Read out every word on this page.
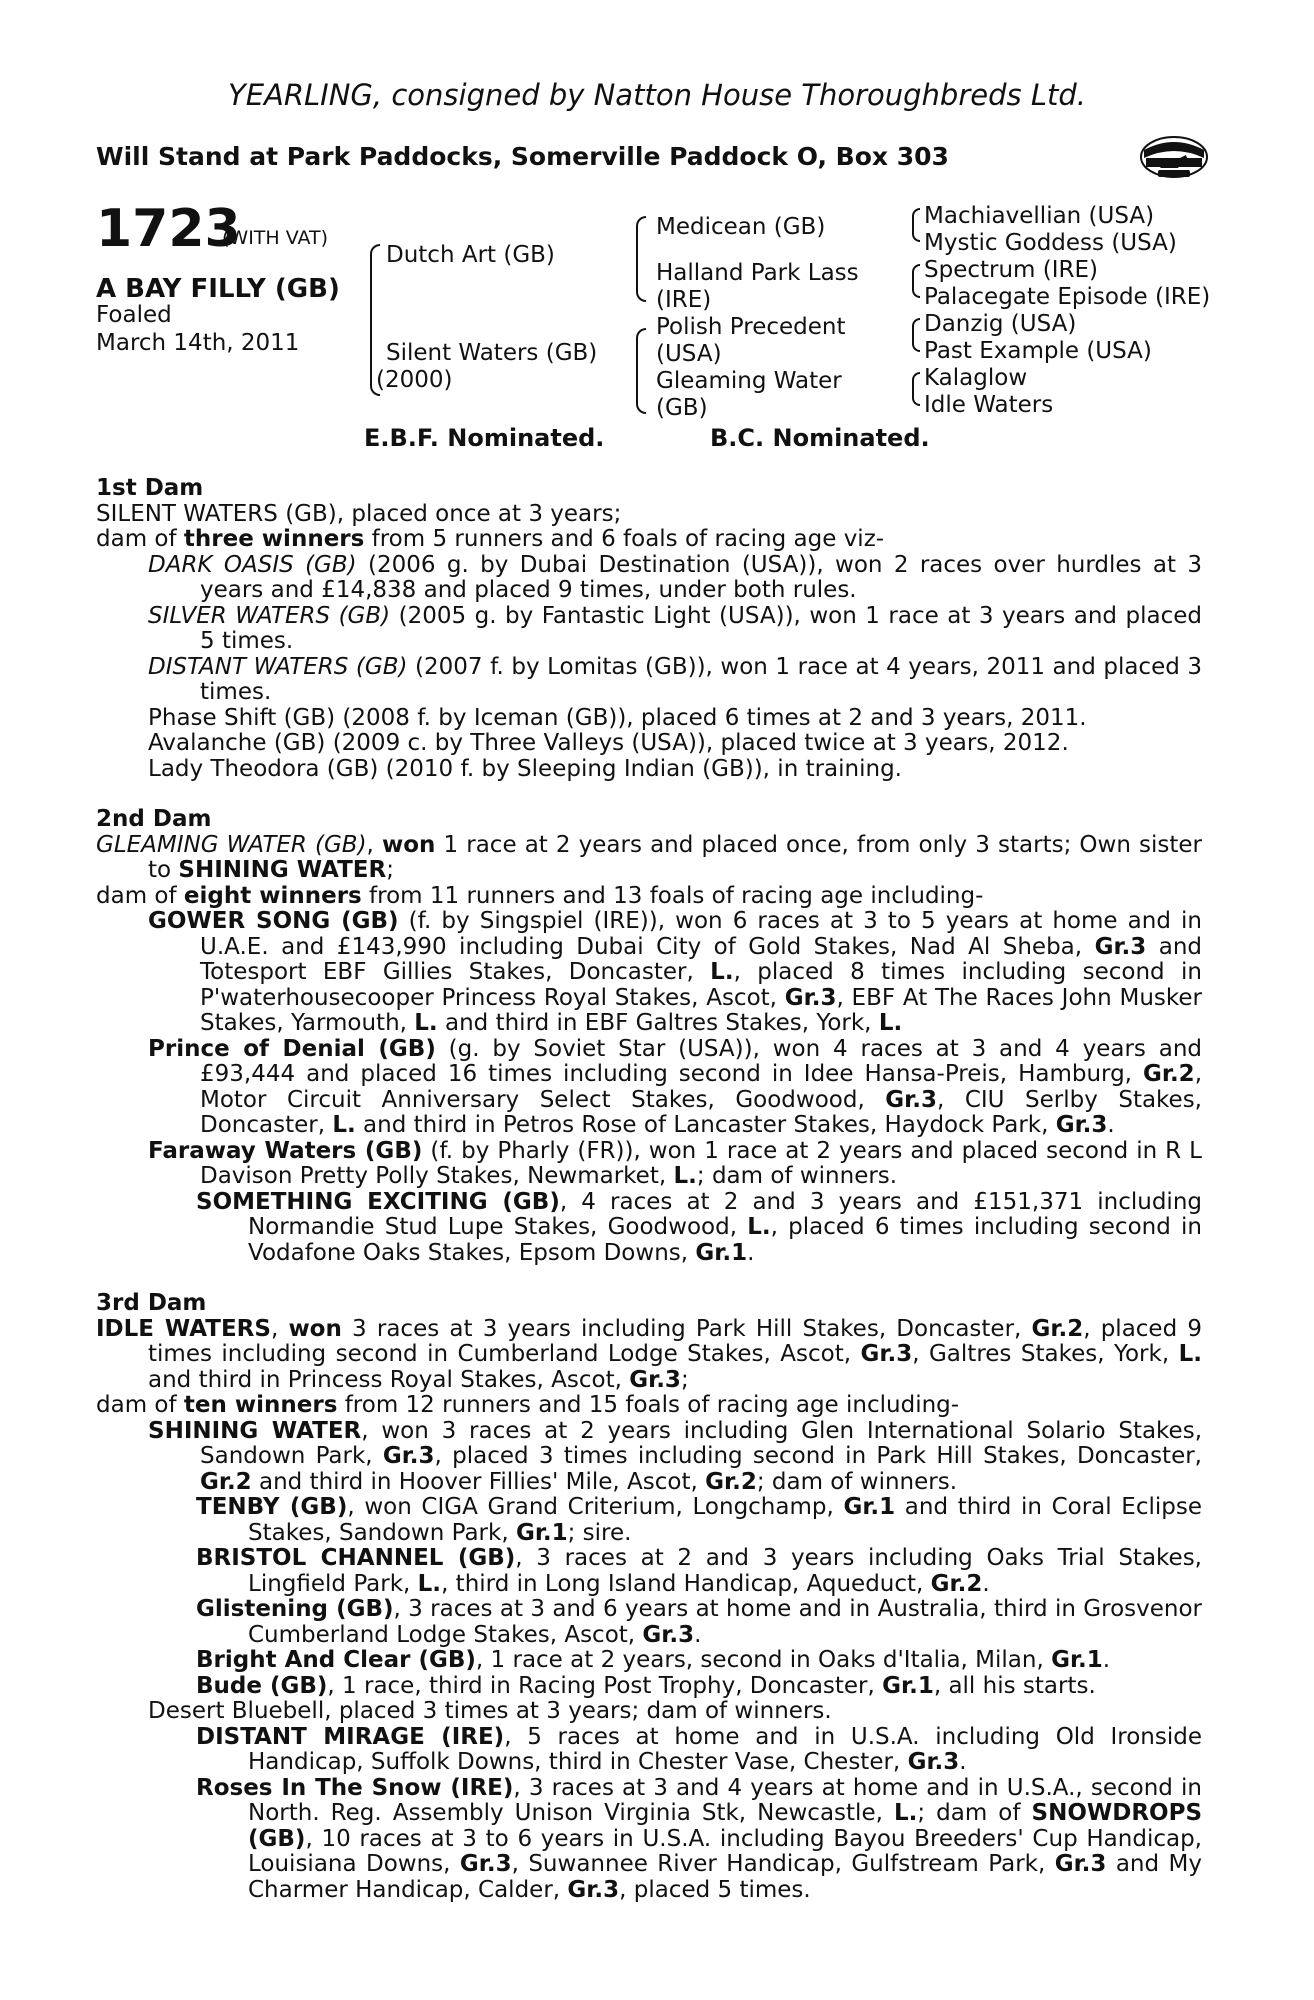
YEARLING, consigned by Natton House Thoroughbreds Ltd.
Will Stand at Park Paddocks, Somerville Paddock O, Box 303
1723
(WITH VAT)
A BAY FILLY (GB)
Foaled
March 14th, 2011
Dutch Art (GB)
Silent Waters (GB)
(2000)
Medicean (GB)
Halland Park Lass
(IRE)
Polish Precedent
(USA)
Gleaming Water
(GB)
Machiavellian (USA)
Mystic Goddess (USA)
Spectrum (IRE)
Palacegate Episode (IRE)
Danzig (USA)
Past Example (USA)
Kalaglow
Idle Waters
E.B.F. Nominated.	B.C. Nominated.

1st Dam

SILENT WATERS (GB), placed once at 3 years;

dam of three winners from 5 runners and 6 foals of racing age viz-

DARK OASIS (GB) (2006 g. by Dubai Destination (USA)), won 2 races over hurdles at 3 years and £14,838 and placed 9 times, under both rules.

SILVER WATERS (GB) (2005 g. by Fantastic Light (USA)), won 1 race at 3 years and placed 5 times.

DISTANT WATERS (GB) (2007 f. by Lomitas (GB)), won 1 race at 4 years, 2011 and placed 3 times.

Phase Shift (GB) (2008 f. by Iceman (GB)), placed 6 times at 2 and 3 years, 2011.

Avalanche (GB) (2009 c. by Three Valleys (USA)), placed twice at 3 years, 2012.

Lady Theodora (GB) (2010 f. by Sleeping Indian (GB)), in training.

2nd Dam

GLEAMING WATER (GB), won 1 race at 2 years and placed once, from only 3 starts; Own sister to SHINING WATER;

dam of eight winners from 11 runners and 13 foals of racing age including-

GOWER SONG (GB) (f. by Singspiel (IRE)), won 6 races at 3 to 5 years at home and in U.A.E. and £143,990 including Dubai City of Gold Stakes, Nad Al Sheba, Gr.3 and Totesport EBF Gillies Stakes, Doncaster, L., placed 8 times including second in P'waterhousecooper Princess Royal Stakes, Ascot, Gr.3, EBF At The Races John Musker Stakes, Yarmouth, L. and third in EBF Galtres Stakes, York, L.

Prince of Denial (GB) (g. by Soviet Star (USA)), won 4 races at 3 and 4 years and £93,444 and placed 16 times including second in Idee Hansa-Preis, Hamburg, Gr.2, Motor Circuit Anniversary Select Stakes, Goodwood, Gr.3, CIU Serlby Stakes, Doncaster, L. and third in Petros Rose of Lancaster Stakes, Haydock Park, Gr.3.

Faraway Waters (GB) (f. by Pharly (FR)), won 1 race at 2 years and placed second in R L Davison Pretty Polly Stakes, Newmarket, L.; dam of winners.

SOMETHING EXCITING (GB), 4 races at 2 and 3 years and £151,371 including Normandie Stud Lupe Stakes, Goodwood, L., placed 6 times including second in Vodafone Oaks Stakes, Epsom Downs, Gr.1.

3rd Dam

IDLE WATERS, won 3 races at 3 years including Park Hill Stakes, Doncaster, Gr.2, placed 9 times including second in Cumberland Lodge Stakes, Ascot, Gr.3, Galtres Stakes, York, L. and third in Princess Royal Stakes, Ascot, Gr.3;

dam of ten winners from 12 runners and 15 foals of racing age including-

SHINING WATER, won 3 races at 2 years including Glen International Solario Stakes, Sandown Park, Gr.3, placed 3 times including second in Park Hill Stakes, Doncaster, Gr.2 and third in Hoover Fillies' Mile, Ascot, Gr.2; dam of winners.

TENBY (GB), won CIGA Grand Criterium, Longchamp, Gr.1 and third in Coral Eclipse Stakes, Sandown Park, Gr.1; sire.

BRISTOL CHANNEL (GB), 3 races at 2 and 3 years including Oaks Trial Stakes, Lingfield Park, L., third in Long Island Handicap, Aqueduct, Gr.2.

Glistening (GB), 3 races at 3 and 6 years at home and in Australia, third in Grosvenor Cumberland Lodge Stakes, Ascot, Gr.3.

Bright And Clear (GB), 1 race at 2 years, second in Oaks d'Italia, Milan, Gr.1.

Bude (GB), 1 race, third in Racing Post Trophy, Doncaster, Gr.1, all his starts.

Desert Bluebell, placed 3 times at 3 years; dam of winners.

DISTANT MIRAGE (IRE), 5 races at home and in U.S.A. including Old Ironside Handicap, Suffolk Downs, third in Chester Vase, Chester, Gr.3.

Roses In The Snow (IRE), 3 races at 3 and 4 years at home and in U.S.A., second in North. Reg. Assembly Unison Virginia Stk, Newcastle, L.; dam of SNOWDROPS (GB), 10 races at 3 to 6 years in U.S.A. including Bayou Breeders' Cup Handicap, Louisiana Downs, Gr.3, Suwannee River Handicap, Gulfstream Park, Gr.3 and My Charmer Handicap, Calder, Gr.3, placed 5 times.
